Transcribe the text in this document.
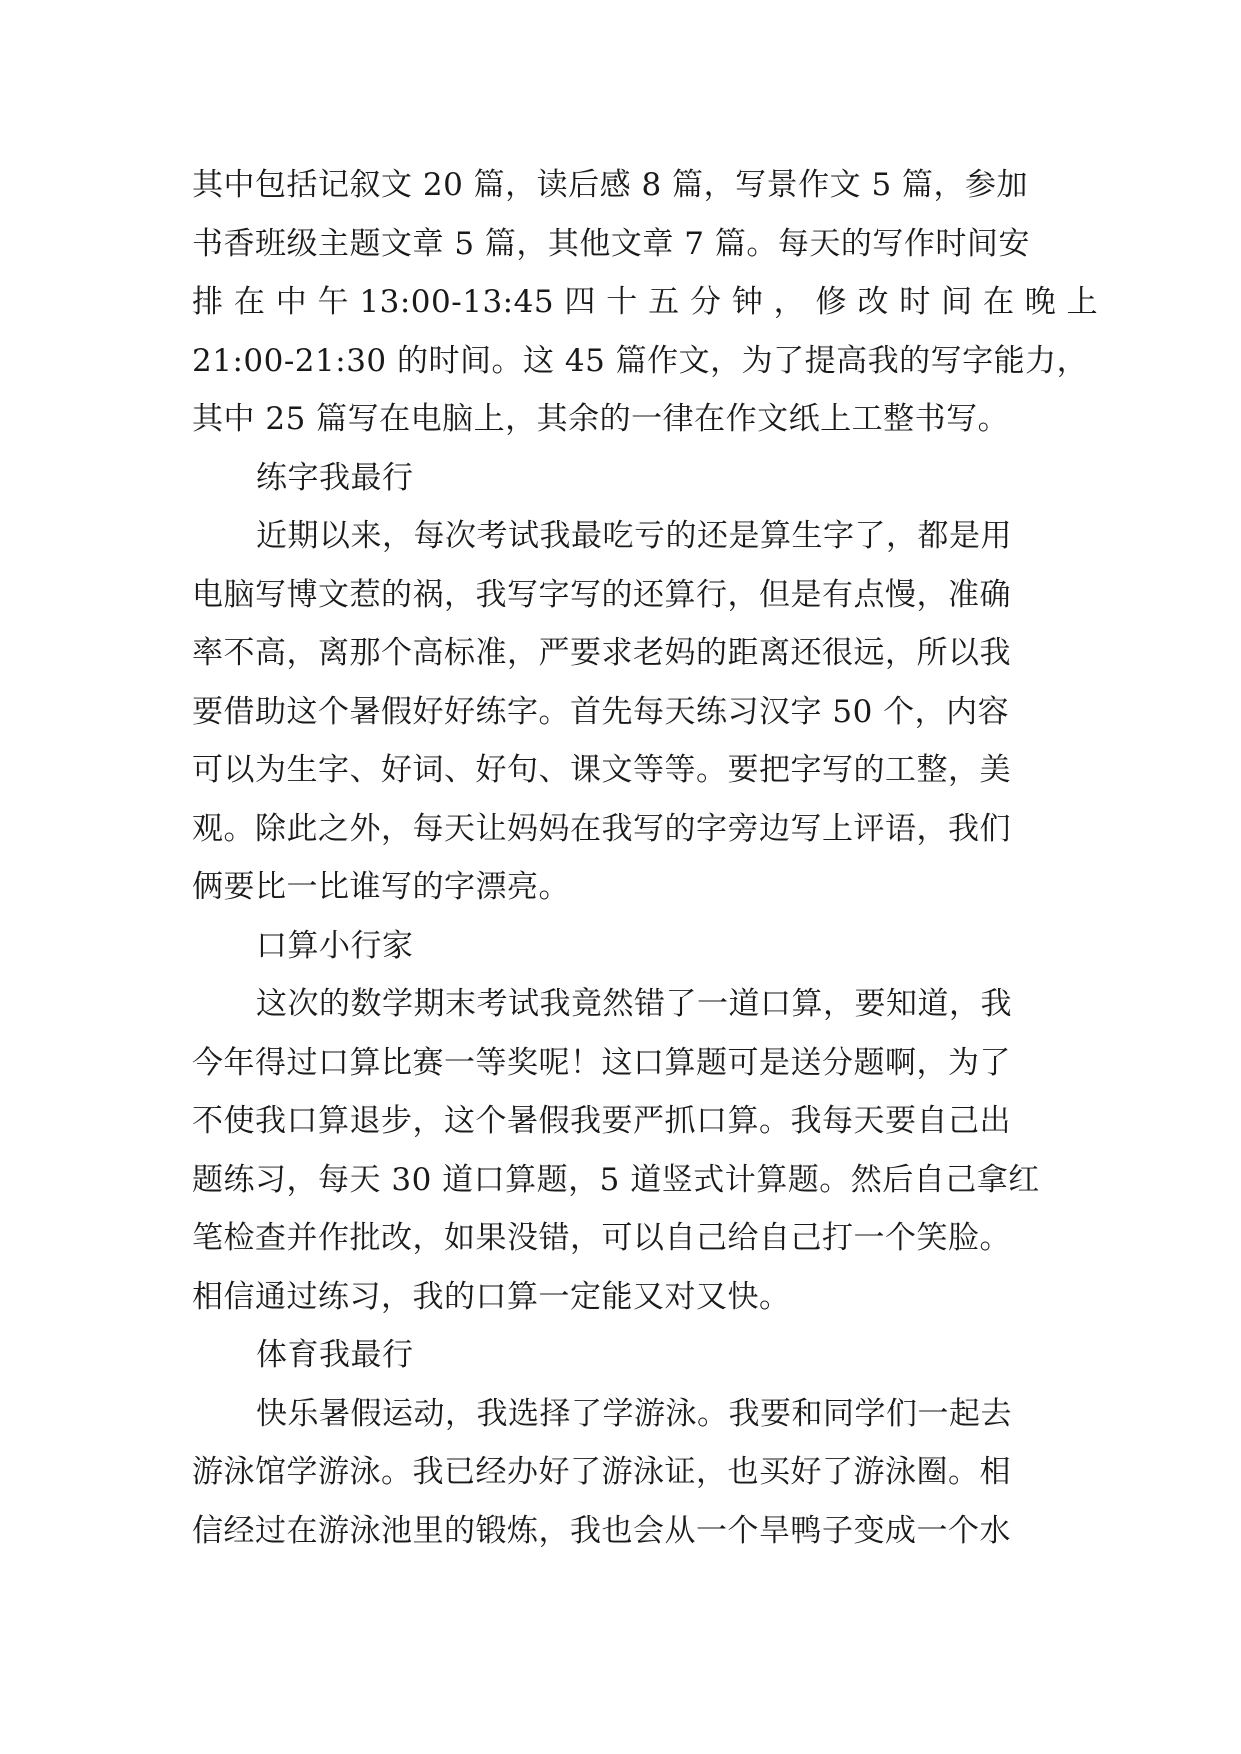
其中包括记叙文 20 篇，读后感 8 篇，写景作文 5 篇，参加
书香班级主题文章 5 篇，其他文章 7 篇。每天的写作时间安
排 在 中 午 13:00-13:45 四 十 五 分 钟 ， 修 改 时 间 在 晚 上
21:00-21:30 的时间。这 45 篇作文，为了提高我的写字能力，
其中 25 篇写在电脑上，其余的一律在作文纸上工整书写。
练字我最行
近期以来，每次考试我最吃亏的还是算生字了，都是用
电脑写博文惹的祸，我写字写的还算行，但是有点慢，准确
率不高，离那个高标准，严要求老妈的距离还很远，所以我
要借助这个暑假好好练字。首先每天练习汉字 50 个，内容
可以为生字、好词、好句、课文等等。要把字写的工整，美
观。除此之外，每天让妈妈在我写的字旁边写上评语，我们
俩要比一比谁写的字漂亮。
口算小行家
这次的数学期末考试我竟然错了一道口算，要知道，我
今年得过口算比赛一等奖呢！这口算题可是送分题啊，为了
不使我口算退步，这个暑假我要严抓口算。我每天要自己出
题练习，每天 30 道口算题，5 道竖式计算题。然后自己拿红
笔检查并作批改，如果没错，可以自己给自己打一个笑脸。
相信通过练习，我的口算一定能又对又快。
体育我最行
快乐暑假运动，我选择了学游泳。我要和同学们一起去
游泳馆学游泳。我已经办好了游泳证，也买好了游泳圈。相
信经过在游泳池里的锻炼，我也会从一个旱鸭子变成一个水
